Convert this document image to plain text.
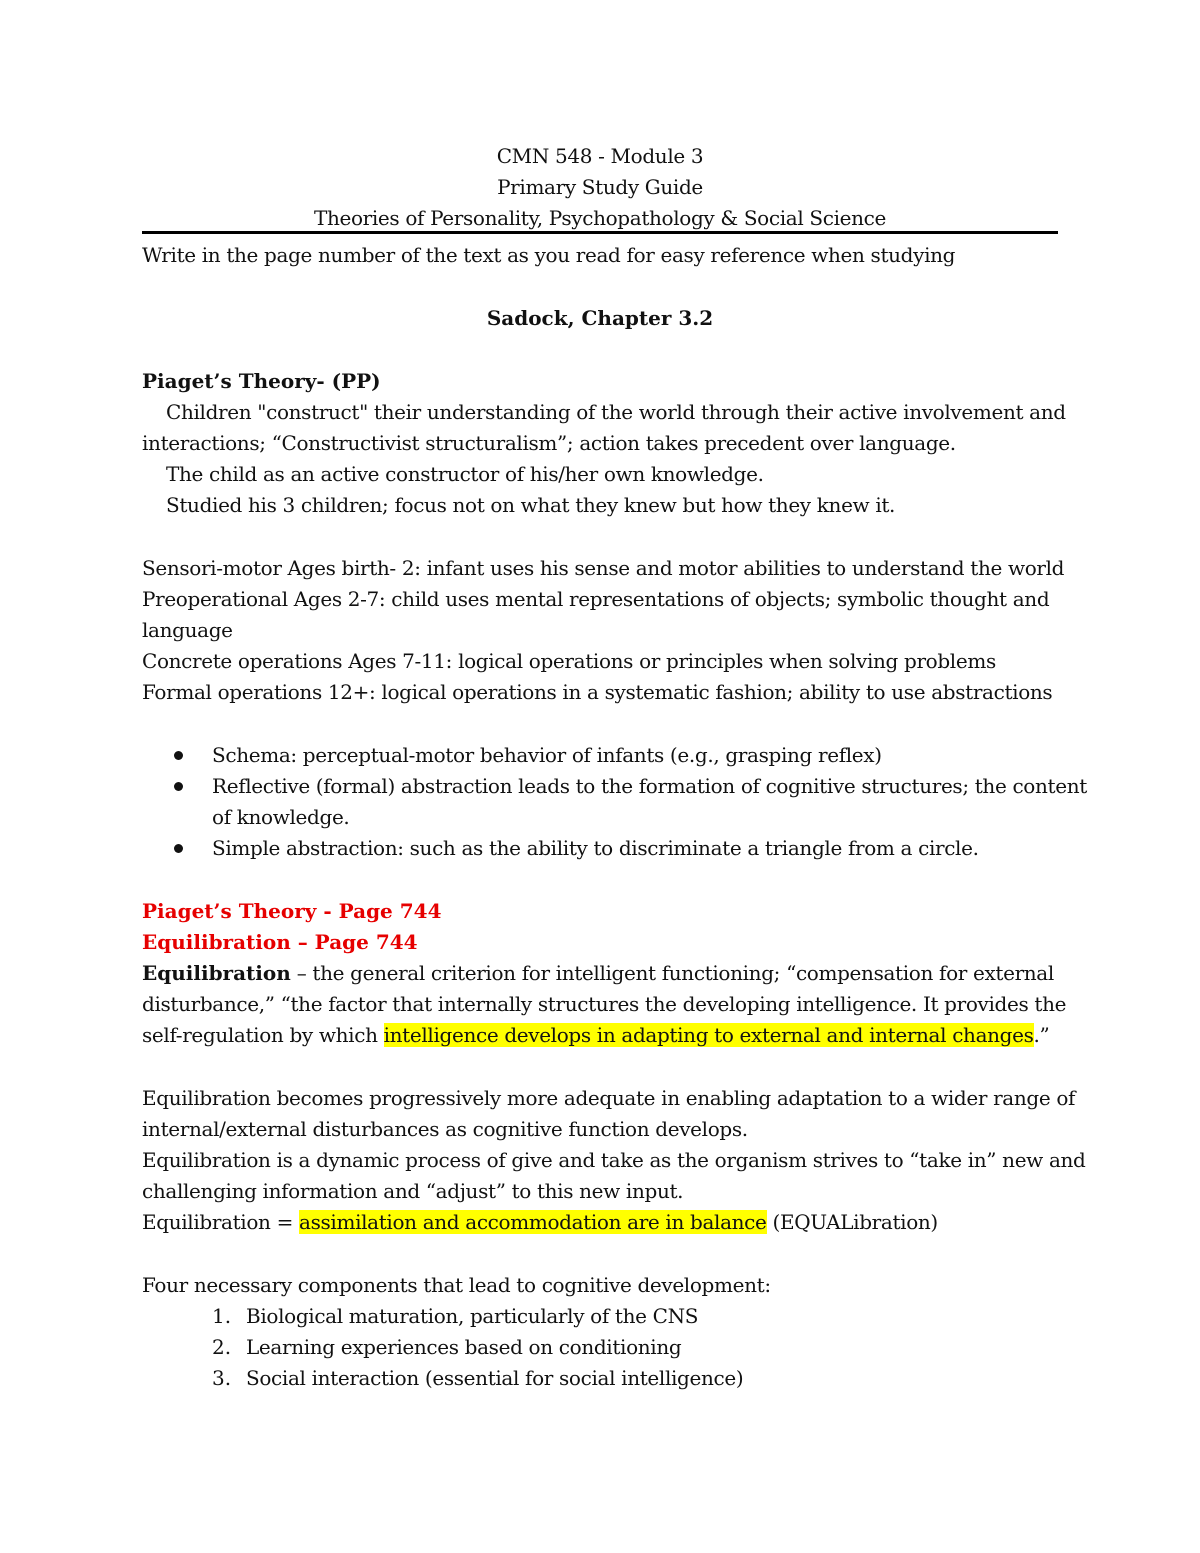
CMN 548 - Module 3
Primary Study Guide
Theories of Personality, Psychopathology & Social Science
Write in the page number of the text as you read for easy reference when studying
Sadock, Chapter 3.2
Piaget’s Theory- (PP)
Children "construct" their understanding of the world through their active involvement and
interactions; “Constructivist structuralism”; action takes precedent over language.
The child as an active constructor of his/her own knowledge.
Studied his 3 children; focus not on what they knew but how they knew it.
Sensori-motor Ages birth- 2: infant uses his sense and motor abilities to understand the world
Preoperational Ages 2-7: child uses mental representations of objects; symbolic thought and
language
Concrete operations Ages 7-11: logical operations or principles when solving problems
Formal operations 12+: logical operations in a systematic fashion; ability to use abstractions
Schema: perceptual-motor behavior of infants (e.g., grasping reflex)
Reflective (formal) abstraction leads to the formation of cognitive structures; the content
of knowledge.
Simple abstraction: such as the ability to discriminate a triangle from a circle.
Piaget’s Theory - Page 744
Equilibration – Page 744
Equilibration – the general criterion for intelligent functioning; “compensation for external
disturbance,” “the factor that internally structures the developing intelligence. It provides the
self-regulation by which intelligence develops in adapting to external and internal changes.”
Equilibration becomes progressively more adequate in enabling adaptation to a wider range of
internal/external disturbances as cognitive function develops.
Equilibration is a dynamic process of give and take as the organism strives to “take in” new and
challenging information and “adjust” to this new input.
Equilibration = assimilation and accommodation are in balance (EQUALibration)
Four necessary components that lead to cognitive development:
1. Biological maturation, particularly of the CNS
2. Learning experiences based on conditioning
3. Social interaction (essential for social intelligence)
